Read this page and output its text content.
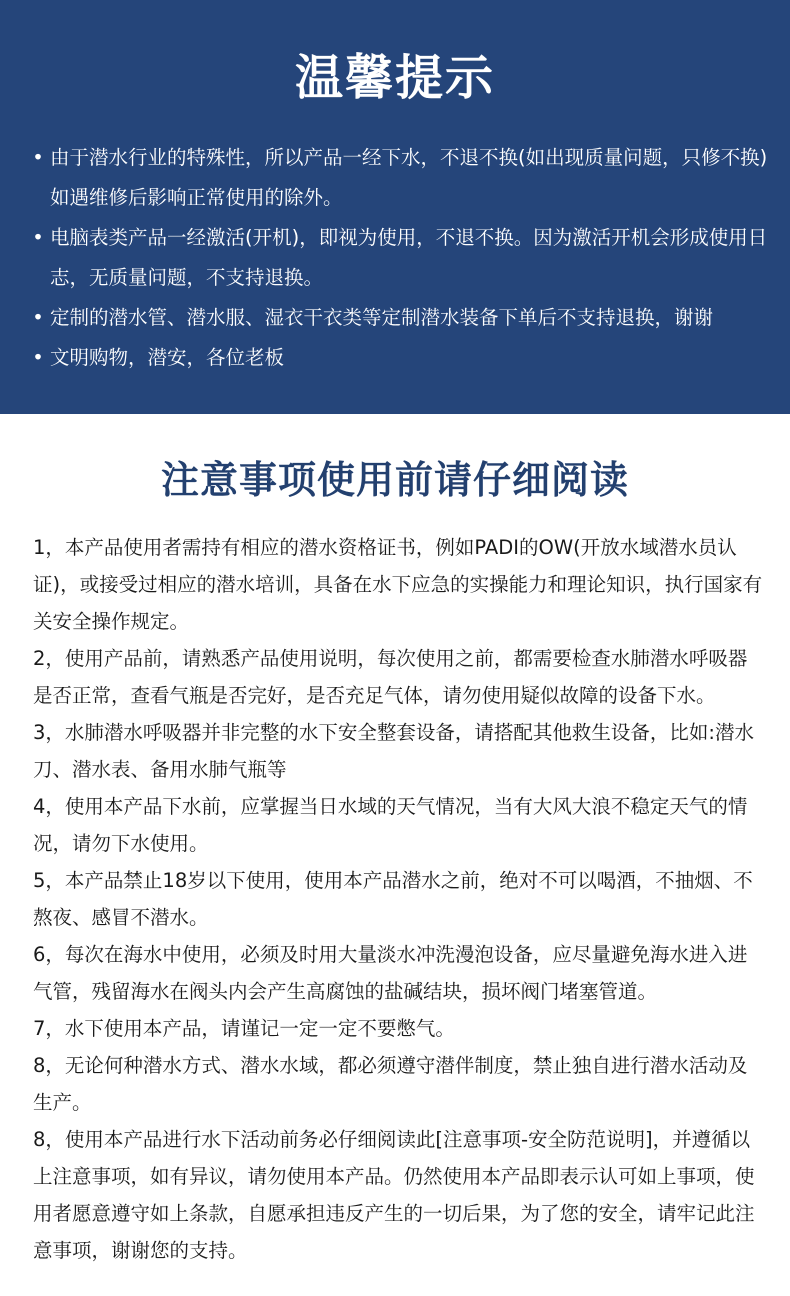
温馨提示
• 由于潜水行业的特殊性，所以产品一经下水，不退不换(如出现质量问题，只修不换)如遇维修后影响正常使用的除外。
• 电脑表类产品一经激活(开机)，即视为使用，不退不换。因为激活开机会形成使用日志，无质量问题，不支持退换。
• 定制的潜水管、潜水服、湿衣干衣类等定制潜水装备下单后不支持退换，谢谢
• 文明购物，潜安，各位老板
注意事项使用前请仔细阅读
1，本产品使用者需持有相应的潜水资格证书，例如PADI的OW(开放水域潜水员认证)，或接受过相应的潜水培训，具备在水下应急的实操能力和理论知识，执行国家有关安全操作规定。
2，使用产品前，请熟悉产品使用说明，每次使用之前，都需要检查水肺潜水呼吸器是否正常，查看气瓶是否完好，是否充足气体，请勿使用疑似故障的设备下水。
3，水肺潜水呼吸器并非完整的水下安全整套设备，请搭配其他救生设备，比如:潜水刀、潜水表、备用水肺气瓶等
4，使用本产品下水前，应掌握当日水域的天气情况，当有大风大浪不稳定天气的情况，请勿下水使用。
5，本产品禁止18岁以下使用，使用本产品潜水之前，绝对不可以喝酒，不抽烟、不熬夜、感冒不潜水。
6，每次在海水中使用，必须及时用大量淡水冲洗漫泡设备，应尽量避免海水进入进气管，残留海水在阀头内会产生高腐蚀的盐碱结块，损坏阀门堵塞管道。
7，水下使用本产品，请谨记一定一定不要憋气。
8，无论何种潜水方式、潜水水域，都必须遵守潜伴制度，禁止独自进行潜水活动及生产。
8，使用本产品进行水下活动前务必仔细阅读此[注意事项-安全防范说明]，并遵循以上注意事项，如有异议，请勿使用本产品。仍然使用本产品即表示认可如上事项，使用者愿意遵守如上条款，自愿承担违反产生的一切后果，为了您的安全，请牢记此注意事项，谢谢您的支持。
